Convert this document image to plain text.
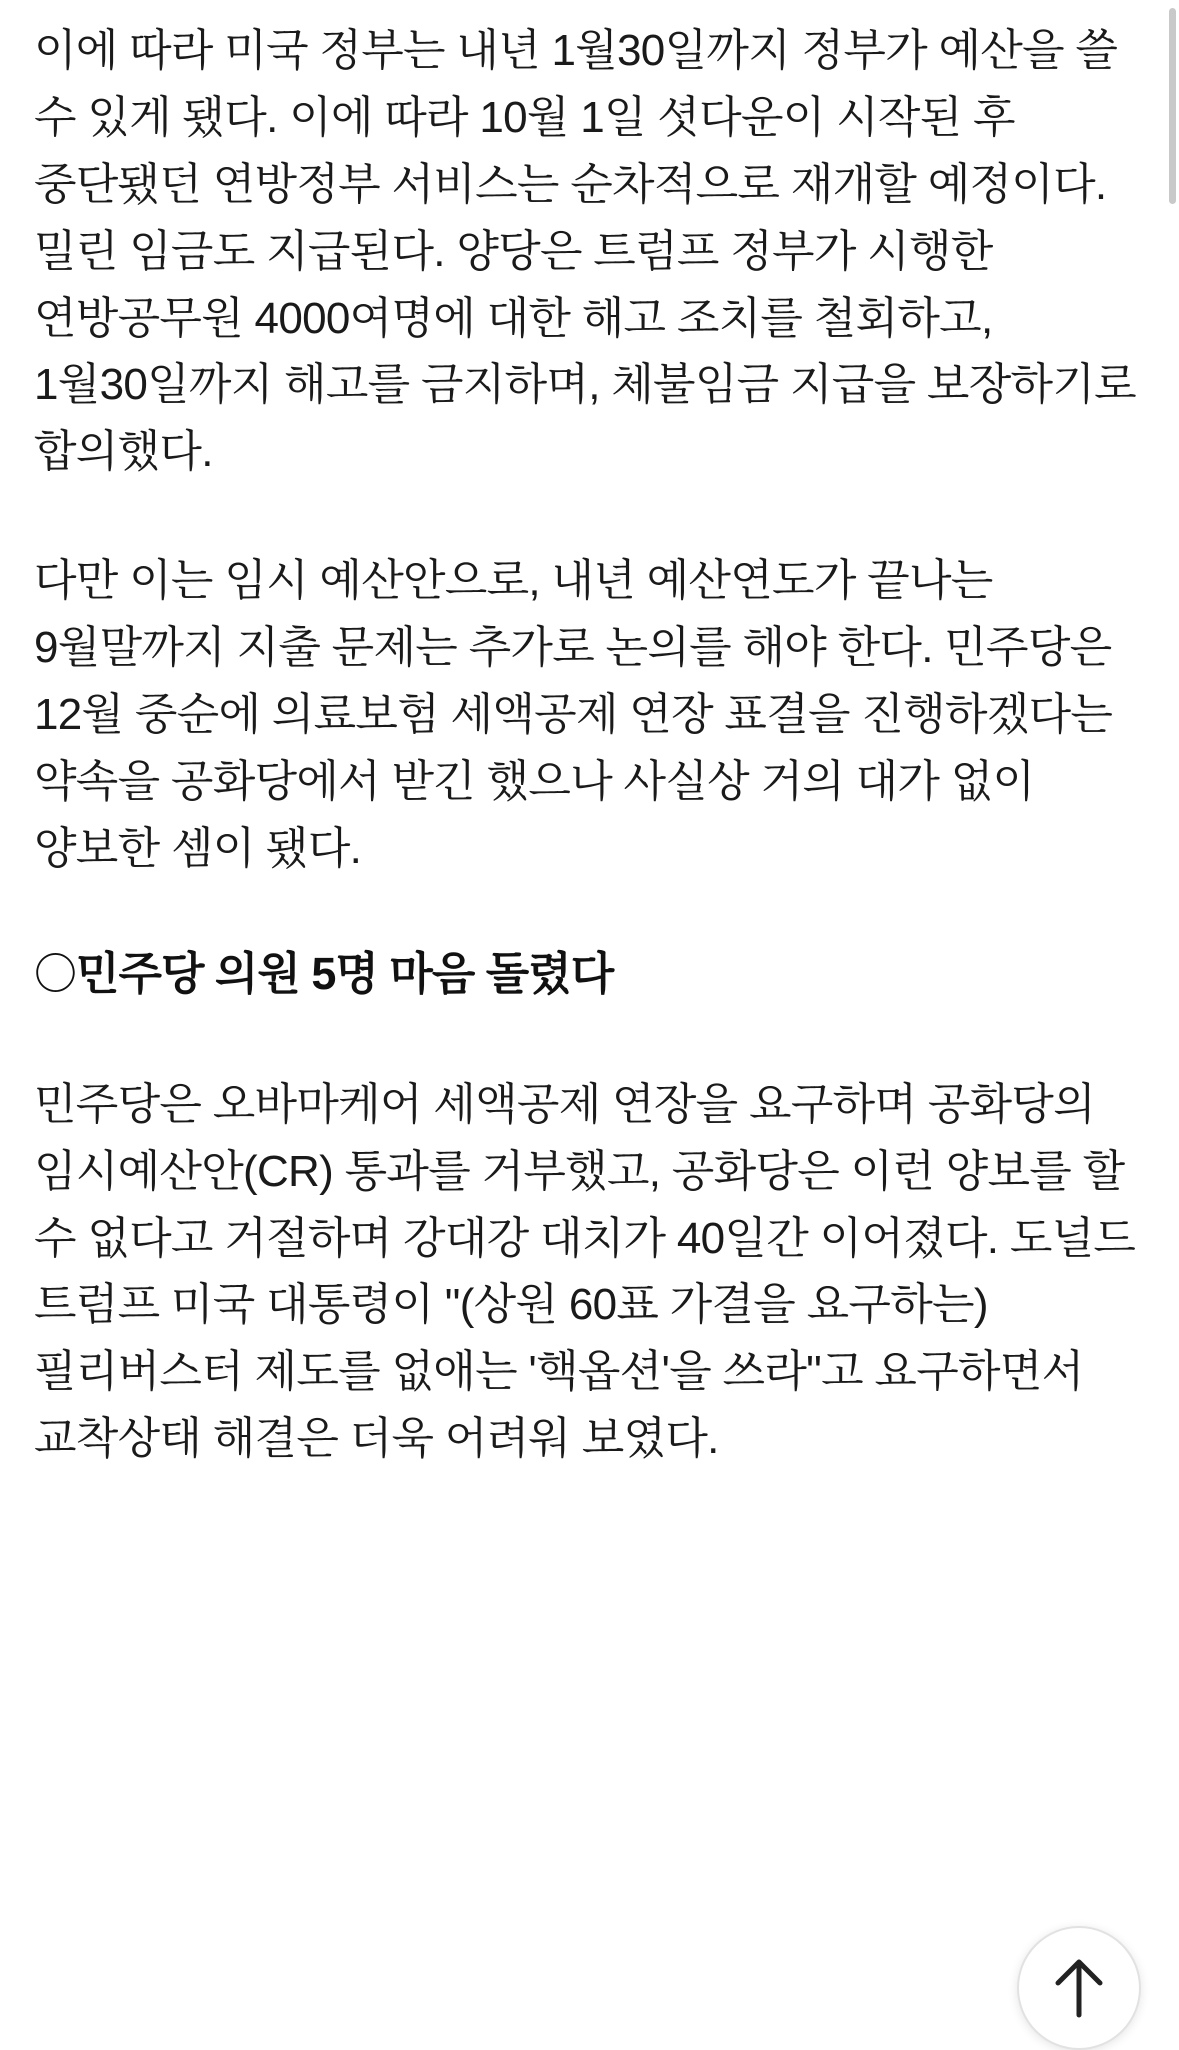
이에 따라 미국 정부는 내년 1월30일까지 정부가 예산을 쓸 수 있게 됐다. 이에 따라 10월 1일 셧다운이 시작된 후 중단됐던 연방정부 서비스는 순차적으로 재개할 예정이다. 밀린 임금도 지급된다. 양당은 트럼프 정부가 시행한 연방공무원 4000여명에 대한 해고 조치를 철회하고, 1월30일까지 해고를 금지하며, 체불임금 지급을 보장하기로 합의했다.

다만 이는 임시 예산안으로, 내년 예산연도가 끝나는 9월말까지 지출 문제는 추가로 논의를 해야 한다. 민주당은 12월 중순에 의료보험 세액공제 연장 표결을 진행하겠다는 약속을 공화당에서 받긴 했으나 사실상 거의 대가 없이 양보한 셈이 됐다.

〇민주당 의원 5명 마음 돌렸다

민주당은 오바마케어 세액공제 연장을 요구하며 공화당의 임시예산안(CR) 통과를 거부했고, 공화당은 이런 양보를 할 수 없다고 거절하며 강대강 대치가 40일간 이어졌다. 도널드 트럼프 미국 대통령이 "(상원 60표 가결을 요구하는) 필리버스터 제도를 없애는 '핵옵션'을 쓰라"고 요구하면서 교착상태 해결은 더욱 어려워 보였다.
